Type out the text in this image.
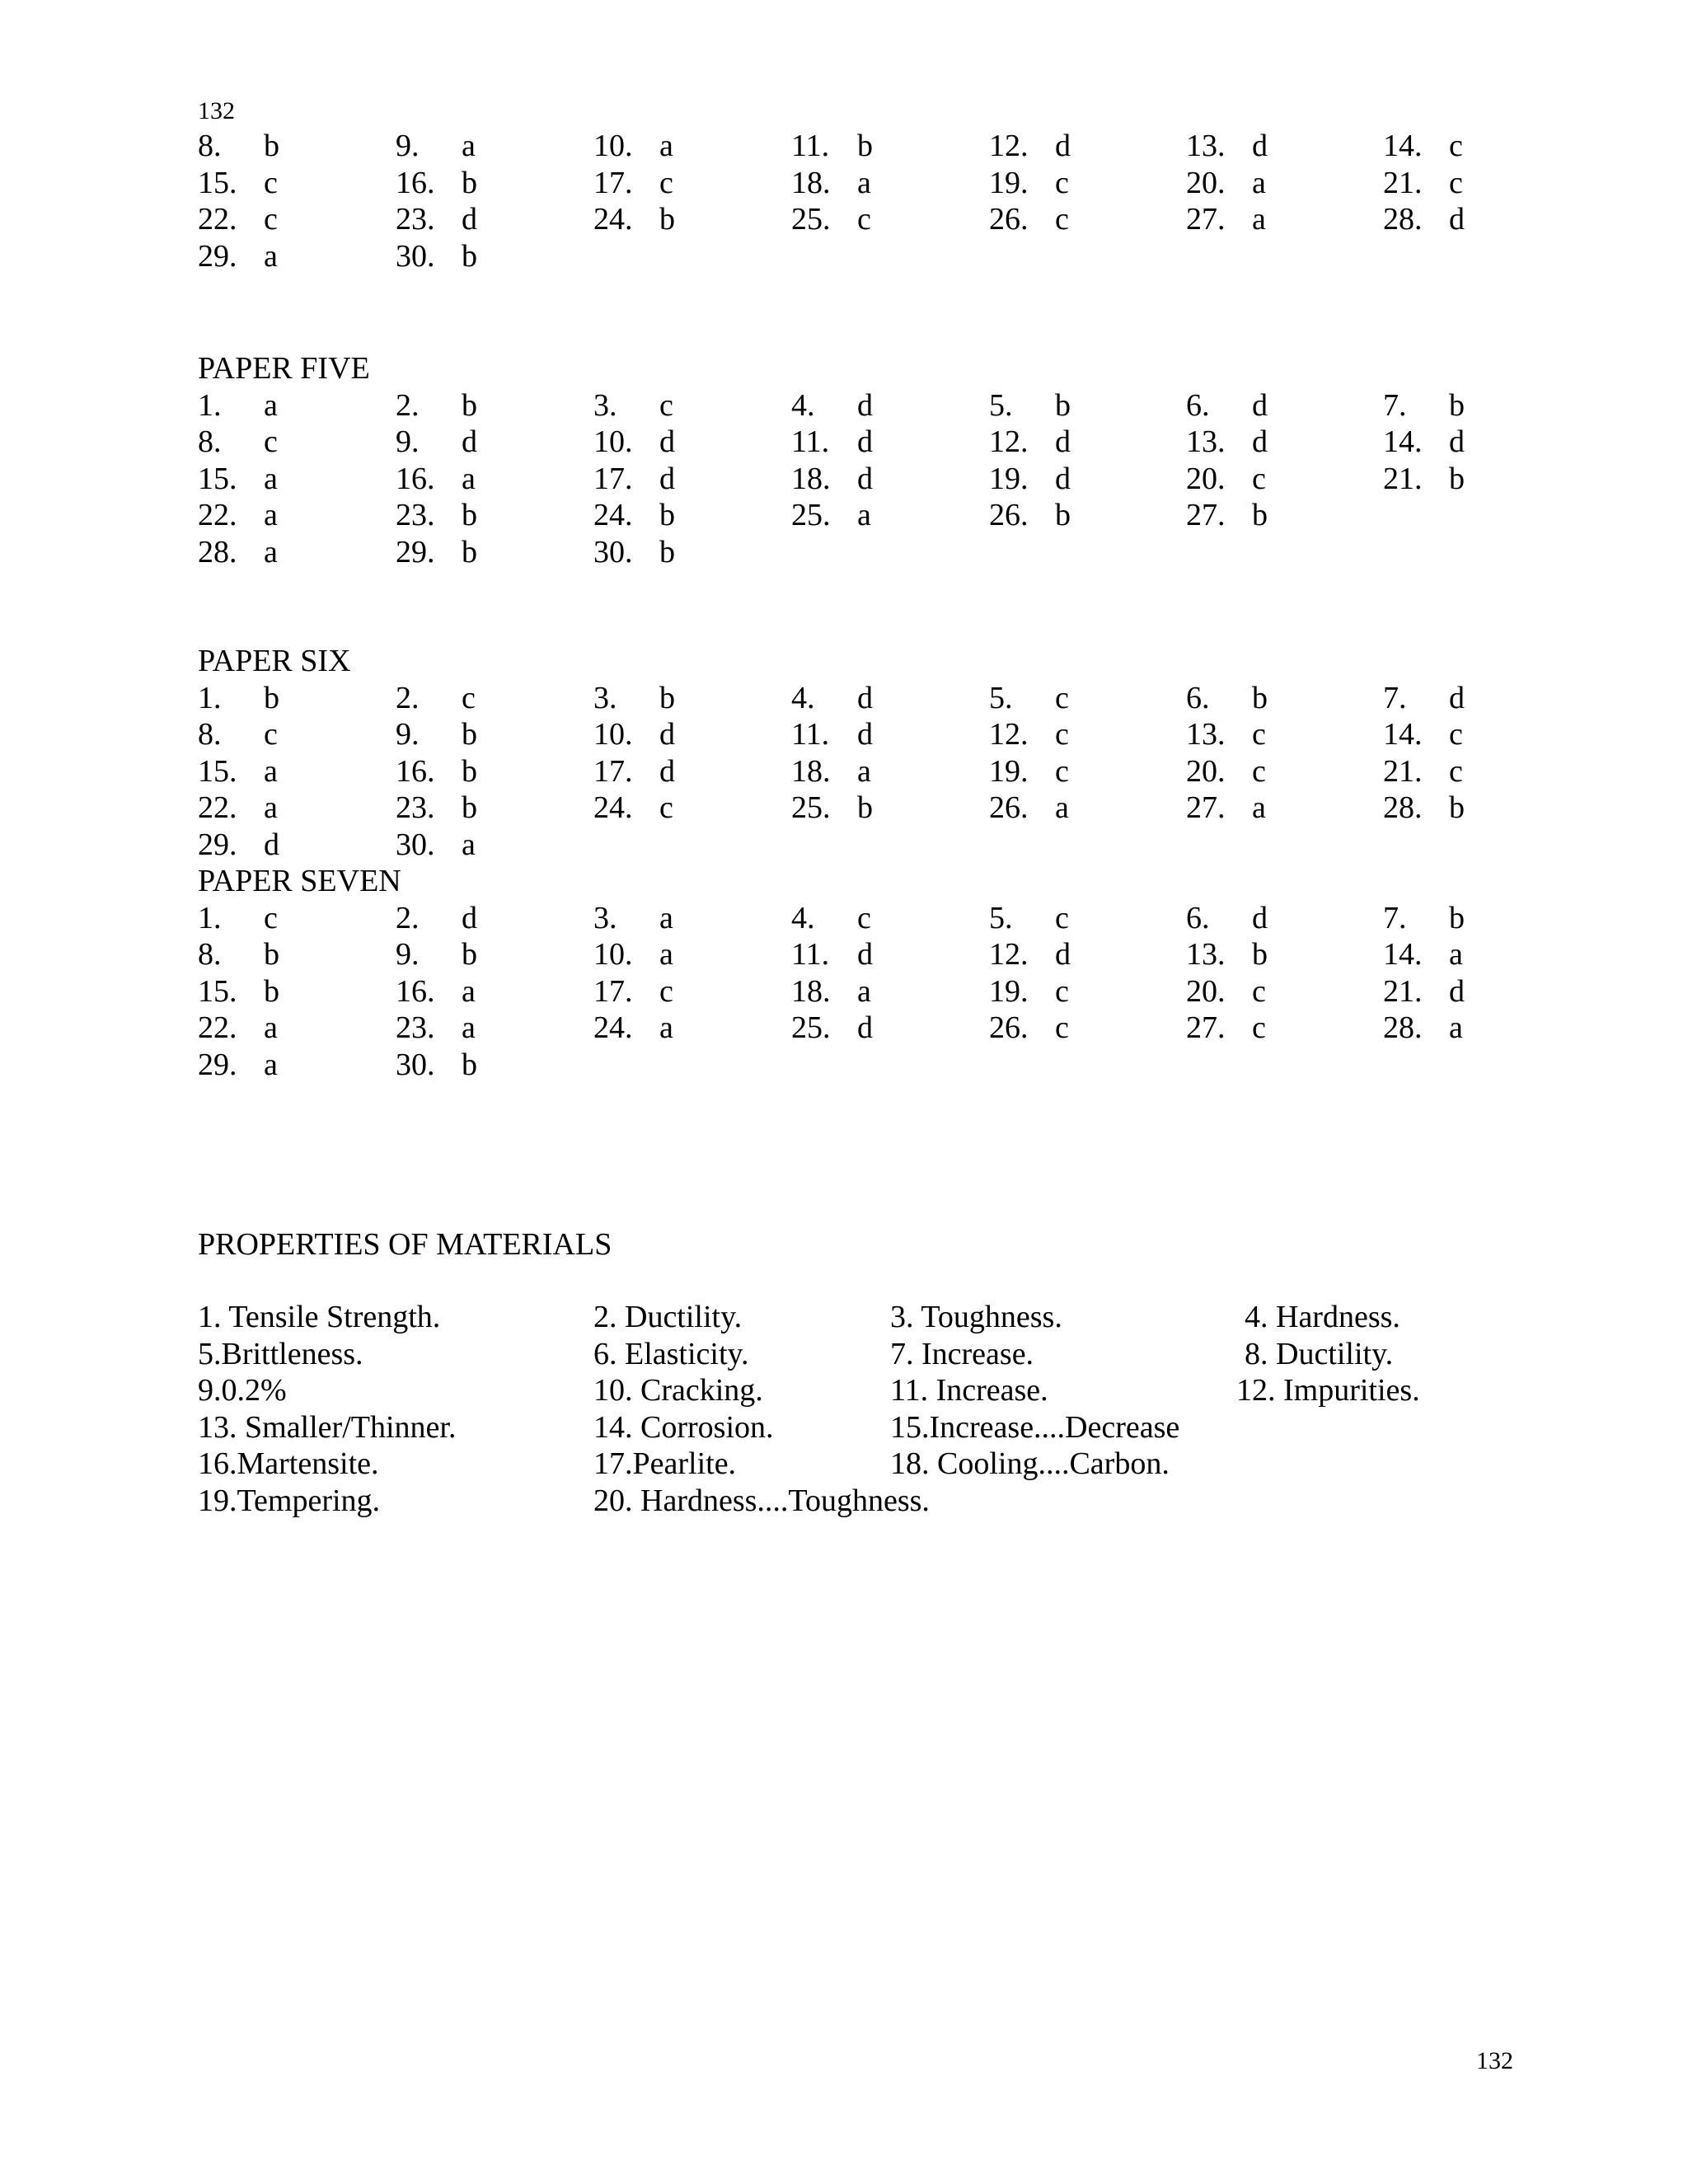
132
8. b	9. a	10. a	11. b	12. d	13. d	14. c
15. c	16. b	17. c	18. a	19. c	20. a	21. c
22. c	23. d	24. b	25. c	26. c	27. a	28. d
29. a	30. b
PAPER FIVE
1. a	2. b	3. c	4. d	5. b	6. d	7. b
8. c	9. d	10. d	11. d	12. d	13. d	14. d
15. a	16. a	17. d	18. d	19. d	20. c	21. b
22. a	23. b	24. b	25. a	26. b	27. b
28. a	29. b	30. b
PAPER SIX
1. b	2. c	3. b	4. d	5. c	6. b	7. d
8. c	9. b	10. d	11. d	12. c	13. c	14. c
15. a	16. b	17. d	18. a	19. c	20. c	21. c
22. a	23. b	24. c	25. b	26. a	27. a	28. b
29. d	30. a
PAPER SEVEN
1. c	2. d	3. a	4. c	5. c	6. d	7. b
8. b	9. b	10. a	11. d	12. d	13. b	14. a
15. b	16. a	17. c	18. a	19. c	20. c	21. d
22. a	23. a	24. a	25. d	26. c	27. c	28. a
29. a	30. b
PROPERTIES OF MATERIALS
1. Tensile Strength.	2. Ductility.	3. Toughness.	4. Hardness.
5.Brittleness.	6. Elasticity.	7. Increase.	8. Ductility.
9.0.2%	10. Cracking.	11. Increase.	12. Impurities.
13. Smaller/Thinner.	14. Corrosion.	15.Increase....Decrease
16.Martensite.	17.Pearlite.	18. Cooling....Carbon.
19.Tempering.	20. Hardness....Toughness.
132
